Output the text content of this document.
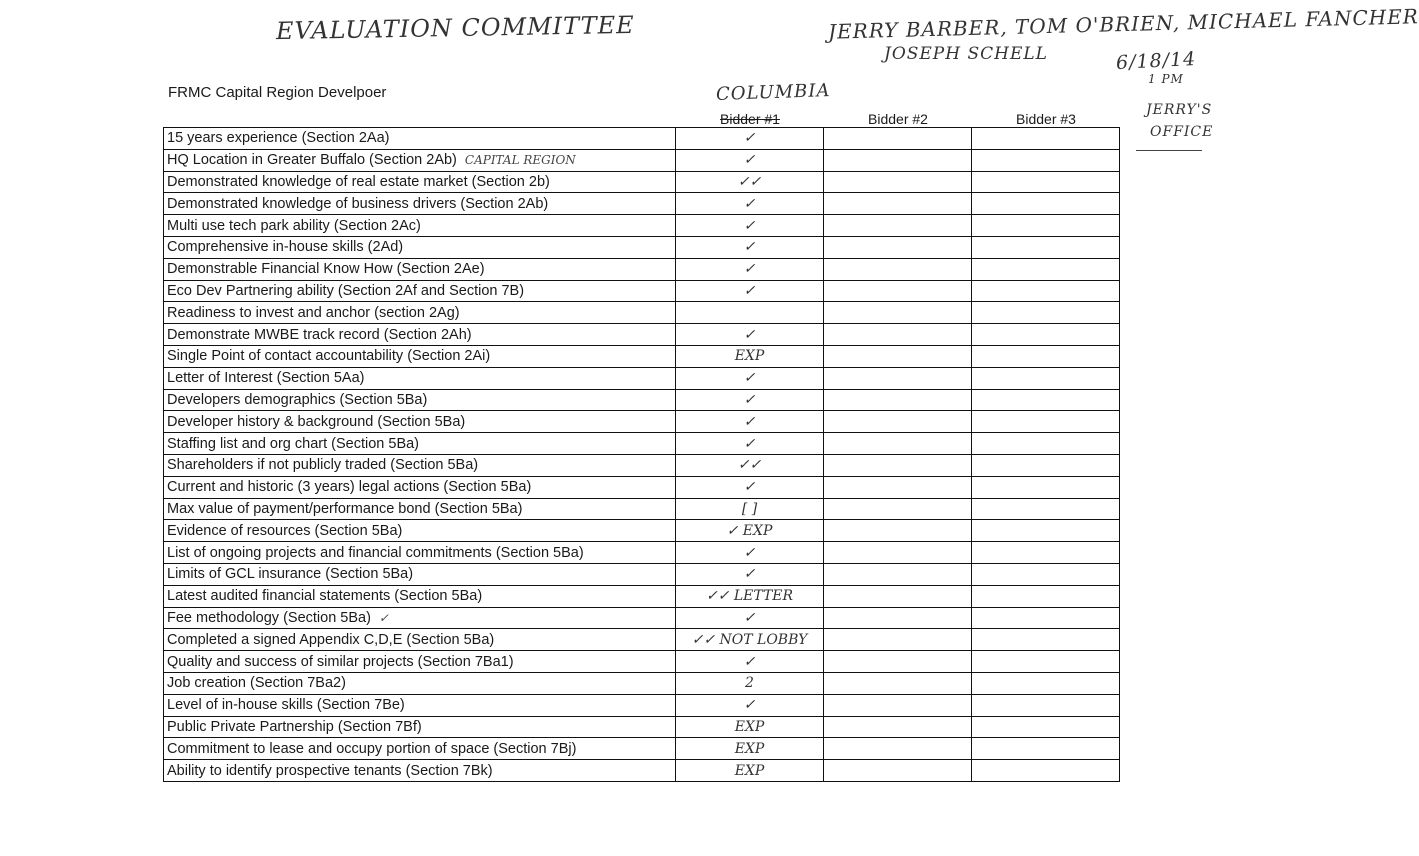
EVALUATION COMMITTEE	JERRY BARBER, TOM O'BRIEN, MICHAEL FANCHER
JOSEPH SCHELL	6/18/14
1 PM
JERRY'S
OFFICE
COLUMBIA
FRMC Capital Region Develpoer
Bidder #1	Bidder #2	Bidder #3
15 years experience (Section 2Aa)	✓		
HQ Location in Greater Buffalo (Section 2Ab) CAPITAL REGION	✓		
Demonstrated knowledge of real estate market (Section 2b)	✓✓		
Demonstrated knowledge of business drivers (Section 2Ab)	✓		
Multi use tech park ability (Section 2Ac)	✓		
Comprehensive in-house skills (2Ad)	✓		
Demonstrable Financial Know How (Section 2Ae)	✓		
Eco Dev Partnering ability (Section 2Af and Section 7B)	✓		
Readiness to invest and anchor (section 2Ag)			
Demonstrate MWBE track record (Section 2Ah)	✓		
Single Point of contact accountability (Section 2Ai)	EXP		
Letter of Interest (Section 5Aa)	✓		
Developers demographics (Section 5Ba)	✓		
Developer history & background (Section 5Ba)	✓		
Staffing list and org chart (Section 5Ba)	✓		
Shareholders if not publicly traded (Section 5Ba)	✓✓		
Current and historic (3 years) legal actions (Section 5Ba)	✓		
Max value of payment/performance bond (Section 5Ba)	[ ]		
Evidence of resources (Section 5Ba)	✓ EXP		
List of ongoing projects and financial commitments (Section 5Ba)	✓		
Limits of GCL insurance (Section 5Ba)	✓		
Latest audited financial statements (Section 5Ba)	✓✓ LETTER		
Fee methodology (Section 5Ba) ✓	✓		
Completed a signed Appendix C,D,E (Section 5Ba)	✓✓ NOT LOBBY		
Quality and success of similar projects (Section 7Ba1)	✓		
Job creation (Section 7Ba2)	2		
Level of in-house skills (Section 7Be)	✓		
Public Private Partnership (Section 7Bf)	EXP		
Commitment to lease and occupy portion of space (Section 7Bj)	EXP		
Ability to identify prospective tenants (Section 7Bk)	EXP		
